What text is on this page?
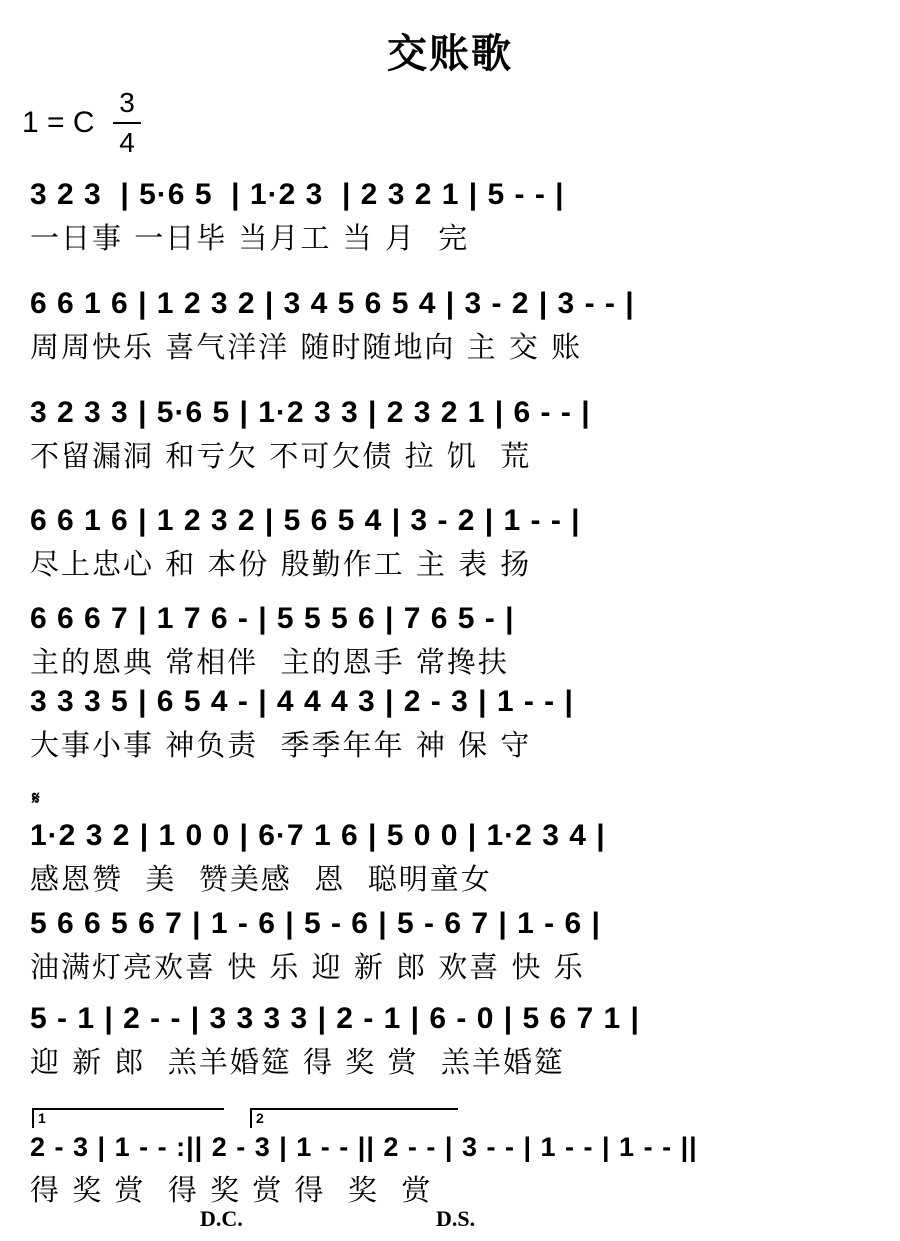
交账歌
1 = C
3
4
3 2 3  | 5·6 5  | 1·2 3  | 2 3 2 1 | 5 - - |
一日事 一日毕 当月工 当 月  完
6 6 1 6 | 1 2 3 2 | 3 4 5 6 5 4 | 3 - 2 | 3 - - |
周周快乐 喜气洋洋 随时随地向 主 交 账
3 2 3 3 | 5·6 5 | 1·2 3 3 | 2 3 2 1 | 6 - - |
不留漏洞 和亏欠 不可欠债 拉 饥  荒
6 6 1 6 | 1 2 3 2 | 5 6 5 4 | 3 - 2 | 1 - - |
尽上忠心 和 本份 殷勤作工 主 表 扬
6 6 6 7 | 1 7 6 - | 5 5 5 6 | 7 6 5 - |
主的恩典 常相伴  主的恩手 常搀扶
3 3 3 5 | 6 5 4 - | 4 4 4 3 | 2 - 3 | 1 - - |
大事小事 神负责  季季年年 神 保 守
𝄋
1·2 3 2 | 1 0 0 | 6·7 1 6 | 5 0 0 | 1·2 3 4 |
感恩赞  美  赞美感  恩  聪明童女
5 6 6 5 6 7 | 1 - 6 | 5 - 6 | 5 - 6 7 | 1 - 6 |
油满灯亮欢喜 快 乐 迎 新 郎 欢喜 快 乐
5 - 1 | 2 - - | 3 3 3 3 | 2 - 1 | 6 - 0 | 5 6 7 1 |
迎 新 郎  羔羊婚筵 得 奖 赏  羔羊婚筵
1	2
2 - 3 | 1 - - :|| 2 - 3 | 1 - - || 2 - - | 3 - - | 1 - - | 1 - - ||
得 奖 赏  得 奖 赏 得  奖  赏
D.C.	D.S.
